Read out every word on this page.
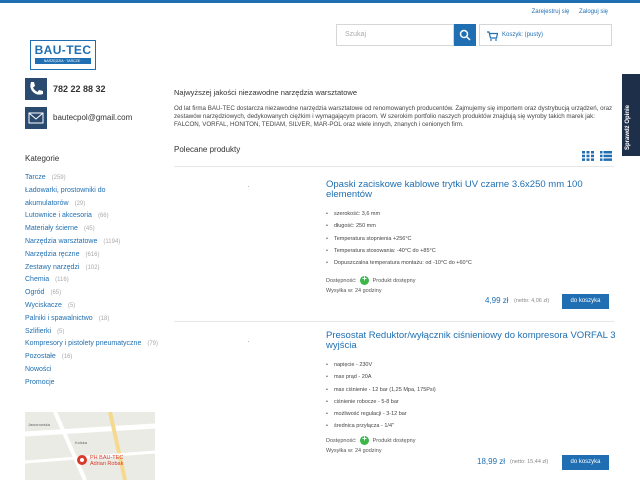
Zarejestruj się Zaloguj się
BAU-TEC
NARZĘDZIA · TARCZE · NARZĘDZI
Szukaj	Koszyk: (pusty)
782 22 88 32
bautecpol@gmail.com
Kategorie
Tarcze (259)
Ładowarki, prostowniki do akumulatorów (29)
Lutownice i akcesoria (66)
Materiały ścierne (45)
Narzędzia warsztatowe (1194)
Narzędzia ręczne (616)
Zestawy narzędzi (102)
Chemia (116)
Ogród (65)
Wyciskacze (5)
Palniki i spawalnictwo (18)
Szlifierki (5)
Kompresory i pistolety pneumatyczne (79)
Pozostałe (16)
Nowości
Promocje
Jaworowska
Kolska
PH BAU-TEC
Adrian Robak
Najwyższej jakości niezawodne narzędzia warsztatowe
Od lat firma BAU-TEC dostarcza niezawodne narzędzia warsztatowe od renomowanych producentów. Zajmujemy się importem oraz dystrybucją urządzeń, oraz zestawów narzędziowych, dedykowanych ciężkim i wymagającym pracom. W szerokim portfolio naszych produktów znajdują się wyroby takich marek jak: FALCON, VORFAL, HONITON, TEDIAM, SILVER, MAR-POL oraz wiele innych, znanych i cenionych firm.
Polecane produkty

Opaski zaciskowe kablowe trytki UV czarne 3.6x250 mm 100 elementów
• szerokość: 3,6 mm
• długość: 250 mm
• Temperatura stopnienia +256°C
• Temperatura stosowania: -40°C do +85°C
• Dopuszczalna temperatura montażu: od -10°C do +60°C
Dostępność: +	Produkt dostępny
Wysyłka w: 24 godziny
4,99 zł (netto: 4,06 zł)	do koszyka
Presostat Reduktor/wyłącznik ciśnieniowy do kompresora VORFAL 3 wyjścia
• napięcie - 230V
• max prąd - 20A
• max ciśnienie - 12 bar (1,25 Mpa, 175Psi)
• ciśnienie robocze - 5-8 bar
• możliwość regulacji - 3-12 bar
• średnica przyłącza - 1/4"
Dostępność: +	Produkt dostępny
Wysyłka w: 24 godziny
18,99 zł (netto: 15,44 zł)	do koszyka
Sprawdź Opinie
